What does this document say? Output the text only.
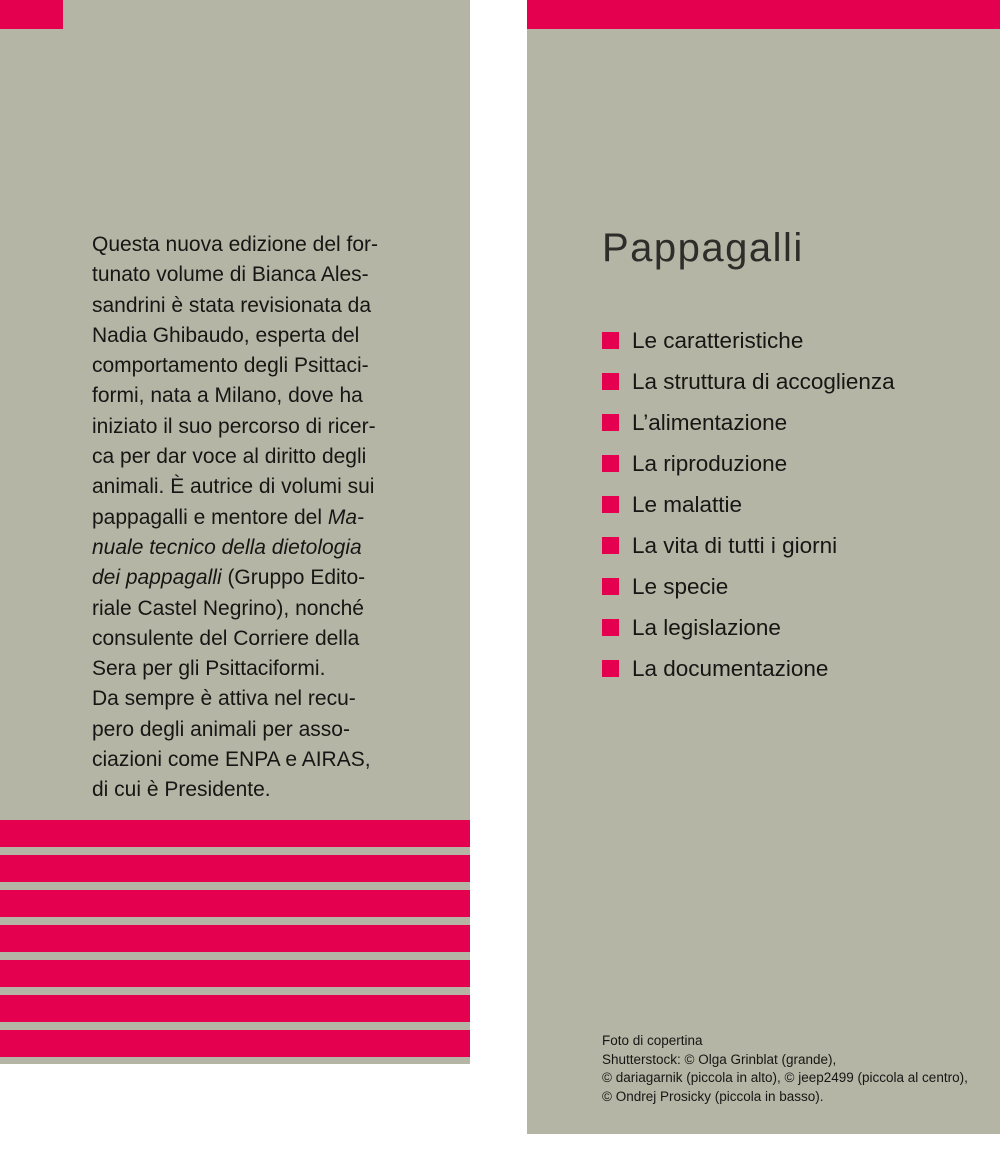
Questa nuova edizione del for-
tunato volume di Bianca Ales-
sandrini è stata revisionata da
Nadia Ghibaudo, esperta del
comportamento degli Psittaci-
formi, nata a Milano, dove ha
iniziato il suo percorso di ricer-
ca per dar voce al diritto degli
animali. È autrice di volumi sui
pappagalli e mentore del Ma-
nuale tecnico della dietologia
dei pappagalli (Gruppo Edito-
riale Castel Negrino), nonché
consulente del Corriere della
Sera per gli Psittaciformi.
Da sempre è attiva nel recu-
pero degli animali per asso-
ciazioni come ENPA e AIRAS,
di cui è Presidente.
Pappagalli
Le caratteristiche
La struttura di accoglienza
L’alimentazione
La riproduzione
Le malattie
La vita di tutti i giorni
Le specie
La legislazione
La documentazione
Foto di copertina
Shutterstock: © Olga Grinblat (grande),
© dariagarnik (piccola in alto), © jeep2499 (piccola al centro),
© Ondrej Prosicky (piccola in basso).
